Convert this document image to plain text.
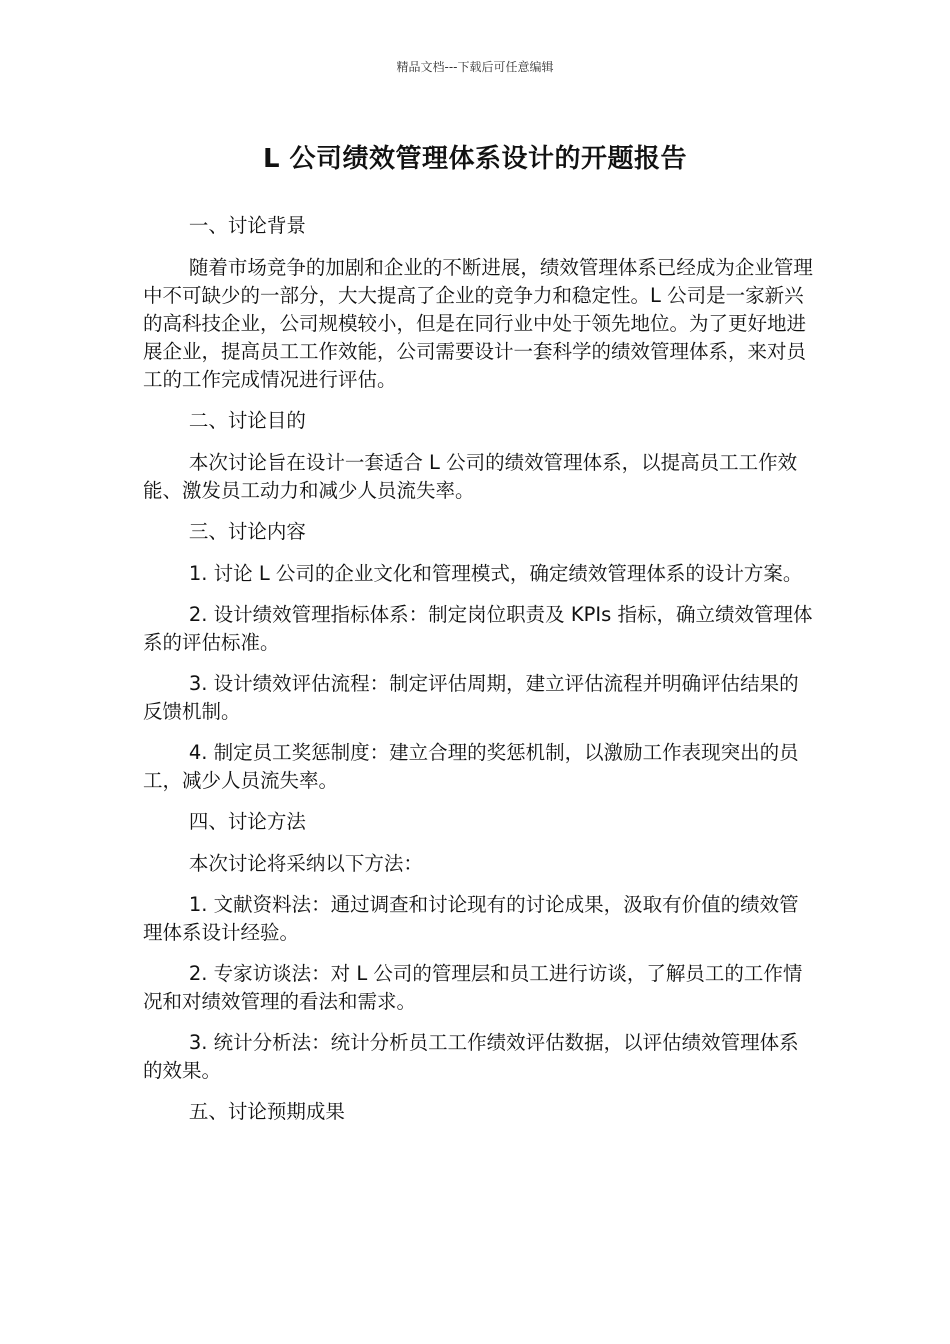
精品文档---下载后可任意编辑
L 公司绩效管理体系设计的开题报告

一、讨论背景

随着市场竞争的加剧和企业的不断进展，绩效管理体系已经成为企业管理中不可缺少的一部分，大大提高了企业的竞争力和稳定性。L 公司是一家新兴的高科技企业，公司规模较小，但是在同行业中处于领先地位。为了更好地进展企业，提高员工工作效能，公司需要设计一套科学的绩效管理体系，来对员工的工作完成情况进行评估。

二、讨论目的

本次讨论旨在设计一套适合 L 公司的绩效管理体系，以提高员工工作效能、激发员工动力和减少人员流失率。

三、讨论内容

1. 讨论 L 公司的企业文化和管理模式，确定绩效管理体系的设计方案。

2. 设计绩效管理指标体系：制定岗位职责及 KPIs 指标，确立绩效管理体系的评估标准。

3. 设计绩效评估流程：制定评估周期，建立评估流程并明确评估结果的反馈机制。

4. 制定员工奖惩制度：建立合理的奖惩机制，以激励工作表现突出的员工，减少人员流失率。

四、讨论方法

本次讨论将采纳以下方法：

1. 文献资料法：通过调查和讨论现有的讨论成果，汲取有价值的绩效管理体系设计经验。

2. 专家访谈法：对 L 公司的管理层和员工进行访谈，了解员工的工作情况和对绩效管理的看法和需求。

3. 统计分析法：统计分析员工工作绩效评估数据，以评估绩效管理体系的效果。

五、讨论预期成果
